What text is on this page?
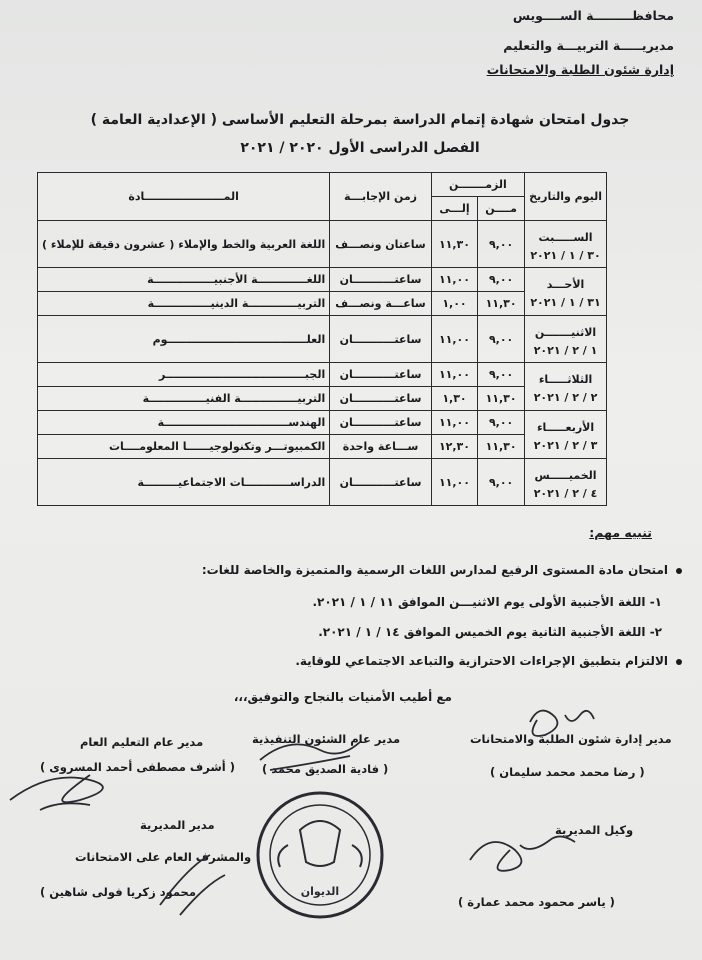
محافظـــــــــة الســــويس
مديريـــــة التربيـــة والتعليم
إدارة شئون الطلبة والامتحانات
جدول امتحان شهادة إتمام الدراسة بمرحلة التعليم الأساسى ( الإعدادية العامة )
الفصل الدراسى الأول ٢٠٢٠ / ٢٠٢١
اليوم والتاريخ	الزمـــــــن		زمن الإجابـــة	المـــــــــــــــــــــادة
	مــــن	إلـــى		

الســـــبت
٣٠ / ١ / ٢٠٢١	٩,٠٠	١١,٣٠	ساعتان ونصـــف	اللغة العربية والخط والإملاء ( عشرون دقيقة للإملاء )

الأحـــد
٣١ / ١ / ٢٠٢١	٩,٠٠	١١,٠٠	ساعتـــــــــــان	اللغـــــــــــــة الأجنبيــــــــــــــــة
	١١,٣٠	١,٠٠	ساعـــة ونصـــف	التربيـــــــــــــة الدينيـــــــــــــــة

الاثنيـــــــن
١ / ٢ / ٢٠٢١	٩,٠٠	١١,٠٠	ساعتـــــــــــان	العلـــــــــــــــــــــــــــــــــــــوم

الثلاثـــــاء
٢ / ٢ / ٢٠٢١	٩,٠٠	١١,٠٠	ساعتـــــــــــان	الجبـــــــــــــــــــــــــــــــــــــر
	١١,٣٠	١,٣٠	ساعتـــــــــــان	التربيـــــــــــــــة الفنيـــــــــــــــة

الأربعـــــاء
٣ / ٢ / ٢٠٢١	٩,٠٠	١١,٠٠	ساعتـــــــــــان	الهندســـــــــــــــــــــــــــــــــة
	١١,٣٠	١٢,٣٠	ســـاعة واحدة	الكمبيوتـــر وتكنولوجيــــــا المعلومــــات

الخميـــــس
٤ / ٢ / ٢٠٢١	٩,٠٠	١١,٠٠	ساعتـــــــــــان	الدراســــــــــــات الاجتماعيـــــــــة
تنبيه مهم:
امتحان مادة المستوى الرفيع لمدارس اللغات الرسمية والمتميزة والخاصة للغات:
١- اللغة الأجنبية الأولى يوم الاثنيـــن الموافق ١١ / ١ / ٢٠٢١.
٢- اللغة الأجنبية الثانية يوم الخميس الموافق ١٤ / ١ / ٢٠٢١.
الالتزام بتطبيق الإجراءات الاحترازية والتباعد الاجتماعي للوقاية.
مع أطيب الأمنيات بالنجاح والتوفيق،،،
مدير إدارة شئون الطلبة والامتحانات
( رضا محمد محمد سليمان )
مدير عام الشئون التنفيذية
( فادية الصديق محمد )
مدير عام التعليم العام
( أشرف مصطفى أحمد المسروى )
وكيل المديرية
( ياسر محمود محمد عمارة )
مدير المديرية
والمشرف العام على الامتحانات
محمود زكريا فولى شاهين )	الديوان
